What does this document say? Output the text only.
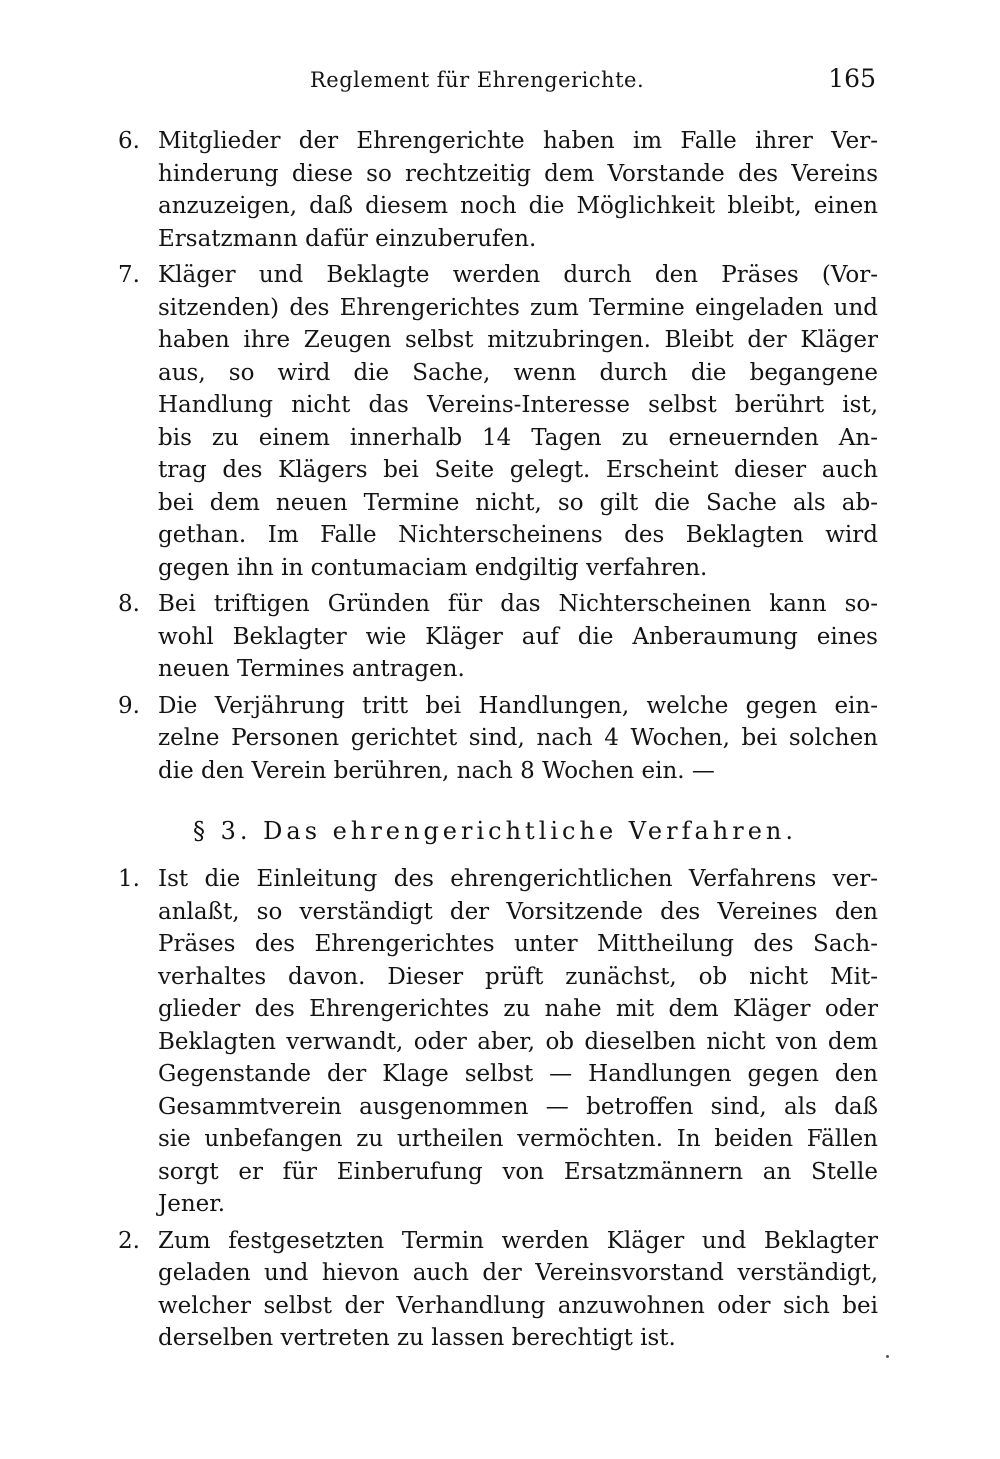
Reglement für Ehrengerichte.	165
6. Mitglieder der Ehrengerichte haben im Falle ihrer Ver-
hinderung diese so rechtzeitig dem Vorstande des Vereins
anzuzeigen, daß diesem noch die Möglichkeit bleibt, einen
Ersatzmann dafür einzuberufen.
7. Kläger und Beklagte werden durch den Präses (Vor-
sitzenden) des Ehrengerichtes zum Termine eingeladen und
haben ihre Zeugen selbst mitzubringen. Bleibt der Kläger
aus, so wird die Sache, wenn durch die begangene
Handlung nicht das Vereins-Interesse selbst berührt ist,
bis zu einem innerhalb 14 Tagen zu erneuernden An-
trag des Klägers bei Seite gelegt. Erscheint dieser auch
bei dem neuen Termine nicht, so gilt die Sache als ab-
gethan. Im Falle Nichterscheinens des Beklagten wird
gegen ihn in contumaciam endgiltig verfahren.
8. Bei triftigen Gründen für das Nichterscheinen kann so-
wohl Beklagter wie Kläger auf die Anberaumung eines
neuen Termines antragen.
9. Die Verjährung tritt bei Handlungen, welche gegen ein-
zelne Personen gerichtet sind, nach 4 Wochen, bei solchen
die den Verein berühren, nach 8 Wochen ein. —
§ 3. Das ehrengerichtliche Verfahren.
1. Ist die Einleitung des ehrengerichtlichen Verfahrens ver-
anlaßt, so verständigt der Vorsitzende des Vereines den
Präses des Ehrengerichtes unter Mittheilung des Sach-
verhaltes davon. Dieser prüft zunächst, ob nicht Mit-
glieder des Ehrengerichtes zu nahe mit dem Kläger oder
Beklagten verwandt, oder aber, ob dieselben nicht von dem
Gegenstande der Klage selbst — Handlungen gegen den
Gesammtverein ausgenommen — betroffen sind, als daß
sie unbefangen zu urtheilen vermöchten. In beiden Fällen
sorgt er für Einberufung von Ersatzmännern an Stelle
Jener.
2. Zum festgesetzten Termin werden Kläger und Beklagter
geladen und hievon auch der Vereinsvorstand verständigt,
welcher selbst der Verhandlung anzuwohnen oder sich bei
derselben vertreten zu lassen berechtigt ist.
